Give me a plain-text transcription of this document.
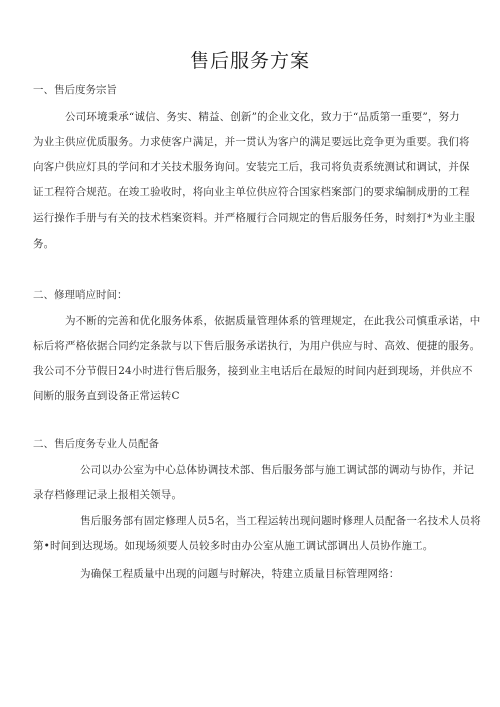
售后服务方案
一、售后度务宗旨
公司环境秉承“诚信、务实、精益、创新”的企业文化，致力于“品质第一重要”，努力
为业主供应优质服务。力求使客户满足，并一贯认为客户的满足要远比竞争更为重要。我们将
向客户供应灯具的学问和才关技术服务询问。安装完工后，我司将负责系统测试和调试，并保
证工程符合规范。在竣工验收时，将向业主单位供应符合国家档案部门的要求编制成册的工程
运行操作手册与有关的技术档案资料。并严格履行合同规定的售后服务任务，时刻打*为业主服
务。
二、修理哨应时间：
为不断的完善和优化服务体系，依据质量管理体系的管理规定，在此我公司慎重承诺，中
标后将严格依据合同约定条款与以下售后服务承诺执行，为用户供应与时、高效、便捷的服务。
我公司不分节假日24小时进行售后服务，接到业主电话后在最短的时间内赶到现场，并供应不
间断的服务直到设备正常运转C
二、售后度务专业人员配备
公司以办公室为中心总体协调技术部、售后服务部与施工调试部的调动与协作，并记
录存档修理记录上报相关领导。
售后服务部有固定修理人员5名，当工程运转出现问题时修理人员配备一名技术人员将
第•时间到达现场。如现场须要人员较多时由办公室从施工调试部调出人员协作施工。
为确保工程质量中出现的问题与时解决，特建立质量目标管理网络：
